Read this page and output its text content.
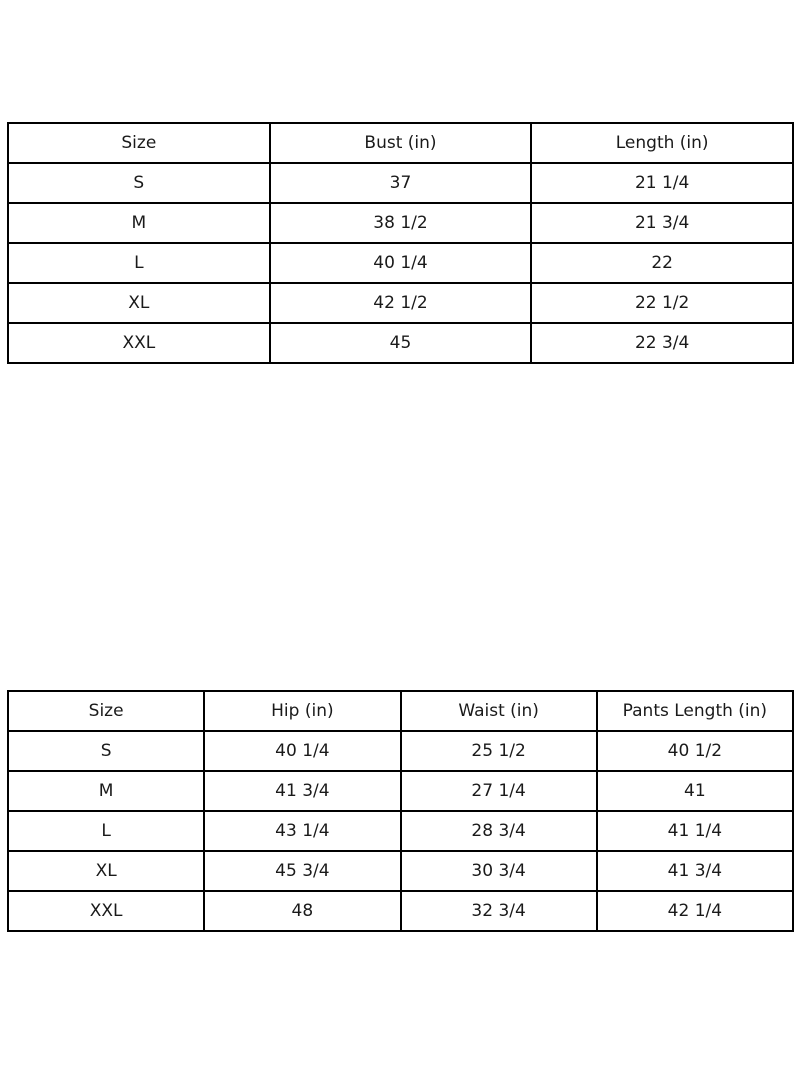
Size	Bust (in)	Length (in)
S	37	21 1/4
M	38 1/2	21 3/4
L	40 1/4	22
XL	42 1/2	22 1/2
XXL	45	22 3/4
Size	Hip (in)	Waist (in)	Pants Length (in)
S	40 1/4	25 1/2	40 1/2
M	41 3/4	27 1/4	41
L	43 1/4	28 3/4	41 1/4
XL	45 3/4	30 3/4	41 3/4
XXL	48	32 3/4	42 1/4
